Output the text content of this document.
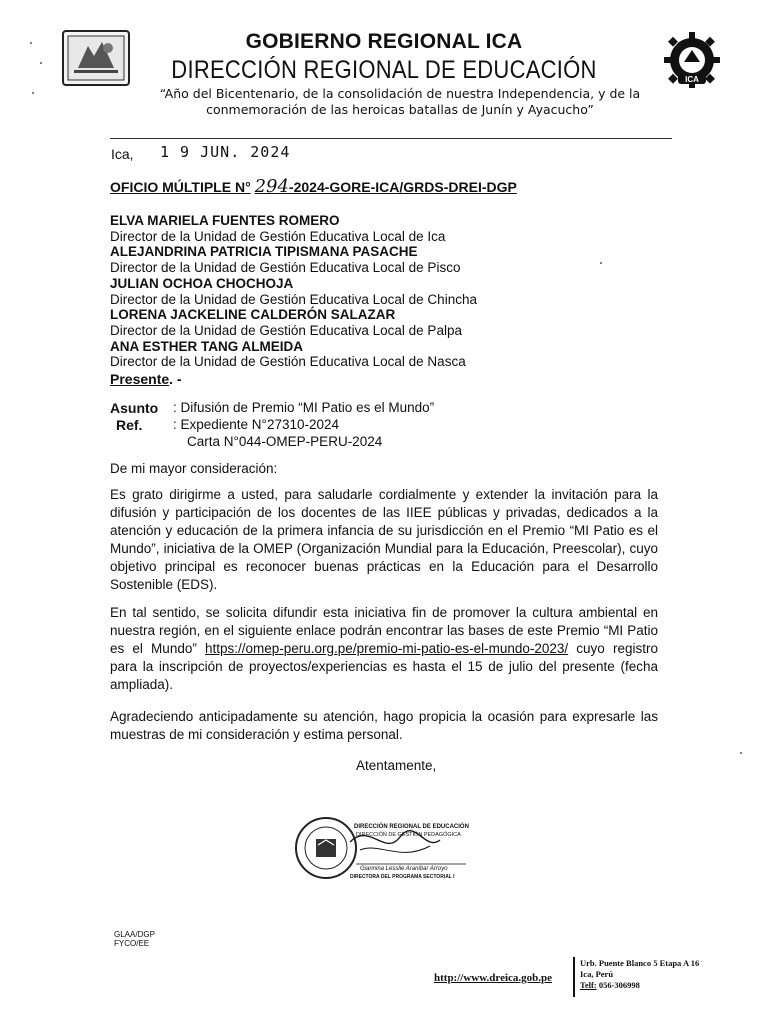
ICA
GOBIERNO REGIONAL ICA
DIRECCIÓN REGIONAL DE EDUCACIÓN
“Año del Bicentenario, de la consolidación de nuestra Independencia, y de la
conmemoración de las heroicas batallas de Junín y Ayacucho”
Ica, 1 9 JUN. 2024
OFICIO MÚLTIPLE N° 294-2024-GORE-ICA/GRDS-DREI-DGP
ELVA MARIELA FUENTES ROMERO
Director de la Unidad de Gestión Educativa Local de Ica
ALEJANDRINA PATRICIA TIPISMANA PASACHE
Director de la Unidad de Gestión Educativa Local de Pisco
JULIAN OCHOA CHOCHOJA
Director de la Unidad de Gestión Educativa Local de Chincha
LORENA JACKELINE CALDERÓN SALAZAR
Director de la Unidad de Gestión Educativa Local de Palpa
ANA ESTHER TANG ALMEIDA
Director de la Unidad de Gestión Educativa Local de Nasca
Presente. -
Asunto : Difusión de Premio “MI Patio es el Mundo”
Ref. : Expediente N°27310-2024
Carta N°044-OMEP-PERU-2024
De mi mayor consideración:
Es grato dirigirme a usted, para saludarle cordialmente y extender la invitación para la difusión y participación de los docentes de las IIEE públicas y privadas, dedicados a la atención y educación de la primera infancia de su jurisdicción en el Premio “MI Patio es el Mundo”, iniciativa de la OMEP (Organización Mundial para la Educación, Preescolar), cuyo objetivo principal es reconocer buenas prácticas en la Educación para el Desarrollo Sostenible (EDS).
En tal sentido, se solicita difundir esta iniciativa fin de promover la cultura ambiental en nuestra región, en el siguiente enlace podrán encontrar las bases de este Premio “MI Patio es el Mundo” https://omep-peru.org.pe/premio-mi-patio-es-el-mundo-2023/ cuyo registro para la inscripción de proyectos/experiencias es hasta el 15 de julio del presente (fecha ampliada).
Agradeciendo anticipadamente su atención, hago propicia la ocasión para expresarle las muestras de mi consideración y estima personal.
Atentamente,
DIRECCIÓN REGIONAL DE EDUCACIÓN
DIRECCIÓN DE GESTIÓN PEDAGÓGICA
Giannina Lesslie Aranibar Arroyo
DIRECTORA DEL PROGRAMA SECTORIAL I
GLAA/DGP
FYCO/EE
http://www.dreica.gob.pe
Urb. Puente Blanco 5 Etapa A 16
Ica, Perú
Telf: 056-306998
